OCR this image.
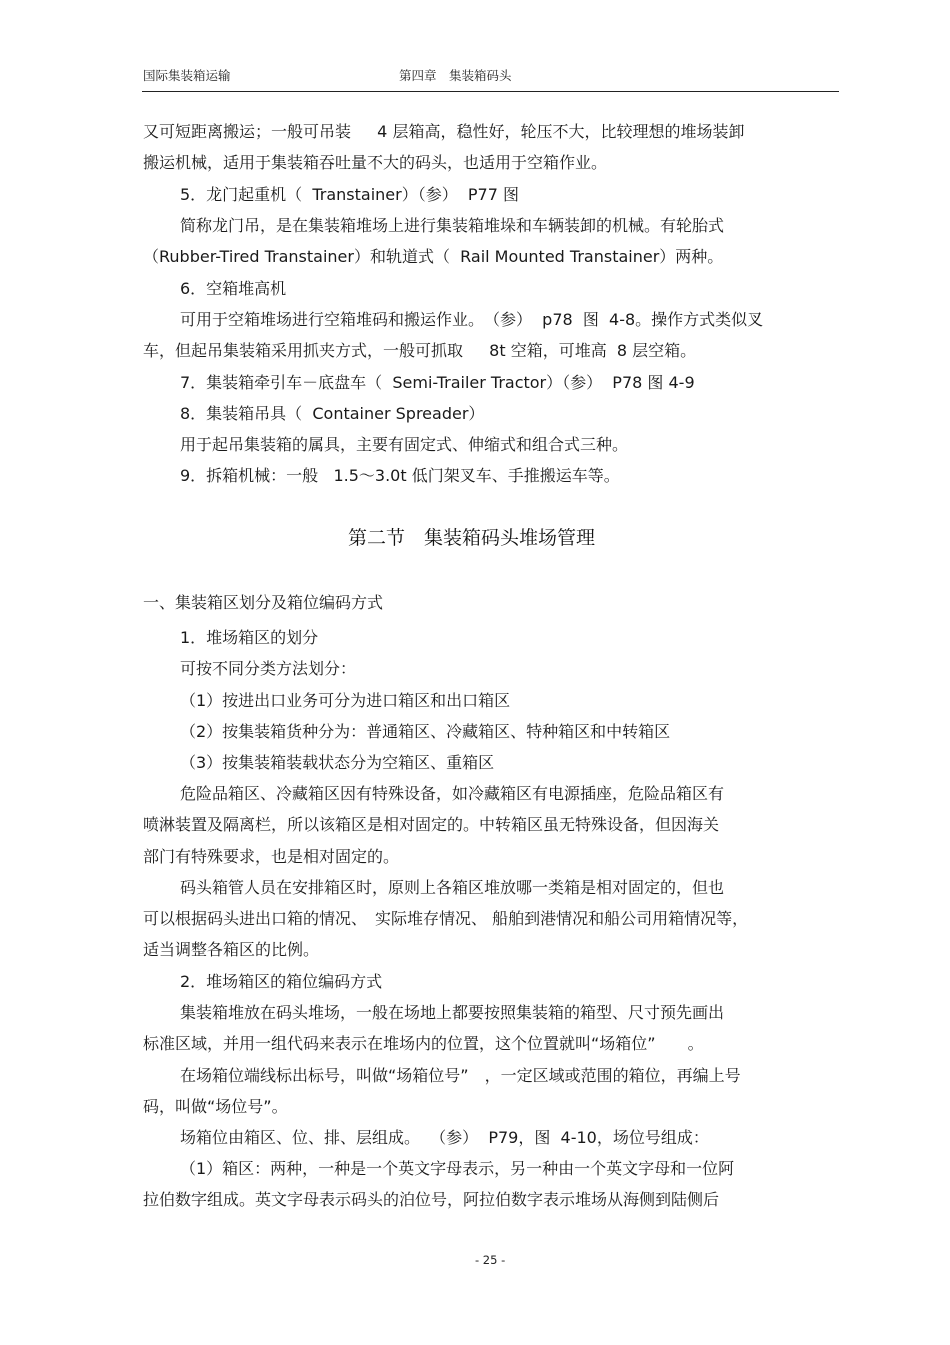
国际集装箱运输	第四章　集装箱码头
又可短距离搬运；一般可吊装　  4 层箱高，稳性好，轮压不大，比较理想的堆场装卸
搬运机械，适用于集装箱吞吐量不大的码头，也适用于空箱作业。
5．龙门起重机（  Transtainer）（参）  P77 图
简称龙门吊，是在集装箱堆场上进行集装箱堆垛和车辆装卸的机械。有轮胎式
（Rubber-Tired Transtainer）和轨道式（  Rail Mounted Transtainer）两种。
6．空箱堆高机
可用于空箱堆场进行空箱堆码和搬运作业。　（参）  p78  图  4-8。操作方式类似叉
车，但起吊集装箱采用抓夹方式，一般可抓取　  8t 空箱，可堆高  8 层空箱。
7．集装箱牵引车－底盘车（  Semi-Trailer Tractor）（参）  P78 图 4-9
8．集装箱吊具（  Container Spreader）
用于起吊集装箱的属具，主要有固定式、伸缩式和组合式三种。
9．拆箱机械：一般   1.5～3.0t 低门架叉车、手推搬运车等。
第二节　集装箱码头堆场管理
一、集装箱区划分及箱位编码方式
1．堆场箱区的划分
可按不同分类方法划分：
（1）按进出口业务可分为进口箱区和出口箱区
（2）按集装箱货种分为：普通箱区、冷藏箱区、特种箱区和中转箱区
（3）按集装箱装载状态分为空箱区、重箱区
危险品箱区、冷藏箱区因有特殊设备，如冷藏箱区有电源插座，危险品箱区有
喷淋装置及隔离栏，所以该箱区是相对固定的。中转箱区虽无特殊设备，但因海关
部门有特殊要求，也是相对固定的。
码头箱管人员在安排箱区时，原则上各箱区堆放哪一类箱是相对固定的，但也
可以根据码头进出口箱的情况、　实际堆存情况、 船舶到港情况和船公司用箱情况等，
适当调整各箱区的比例。
2．堆场箱区的箱位编码方式
集装箱堆放在码头堆场，一般在场地上都要按照集装箱的箱型、尺寸预先画出
标准区域，并用一组代码来表示在堆场内的位置，这个位置就叫“场箱位”　　。
在场箱位端线标出标号，叫做“场箱位号”　，一定区域或范围的箱位，再编上号
码，叫做“场位号”。
场箱位由箱区、位、排、层组成。  （参）  P79，图  4-10，场位号组成：
（1）箱区：两种，一种是一个英文字母表示，另一种由一个英文字母和一位阿
拉伯数字组成。英文字母表示码头的泊位号，阿拉伯数字表示堆场从海侧到陆侧后
- 25 -
